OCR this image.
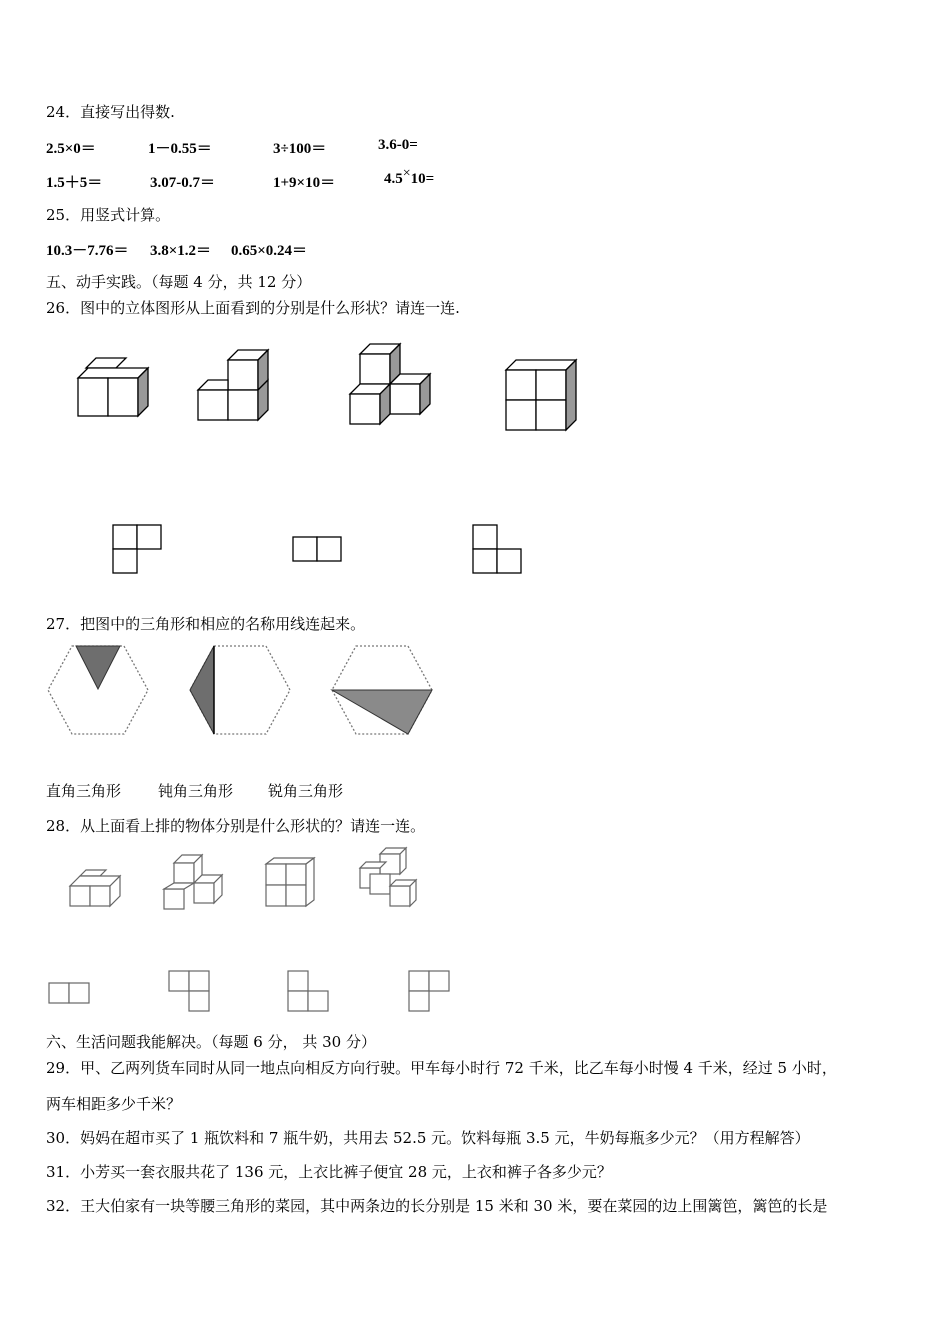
24．直接写出得数.
2.5×0＝	1－0.55＝	3÷100＝	3.6-0=
1.5＋5＝	3.07-0.7＝	1+9×10＝	4.5×10=
25．用竖式计算。
10.3－7.76＝ 3.8×1.2＝ 0.65×0.24＝
五、动手实践。（每题 4 分，共 12 分）
26．图中的立体图形从上面看到的分别是什么形状？请连一连.
27．把图中的三角形和相应的名称用线连起来。
直角三角形 钝角三角形 锐角三角形
28．从上面看上排的物体分别是什么形状的？请连一连。
六、生活问题我能解决。（每题 6 分， 共 30 分）
29．甲、乙两列货车同时从同一地点向相反方向行驶。甲车每小时行 72 千米，比乙车每小时慢 4 千米，经过 5 小时，
两车相距多少千米？
30．妈妈在超市买了 1 瓶饮料和 7 瓶牛奶，共用去 52.5 元。饮料每瓶 3.5 元，牛奶每瓶多少元？（用方程解答）
31．小芳买一套衣服共花了 136 元，上衣比裤子便宜 28 元，上衣和裤子各多少元？
32．王大伯家有一块等腰三角形的菜园，其中两条边的长分别是 15 米和 30 米，要在菜园的边上围篱笆，篱笆的长是
